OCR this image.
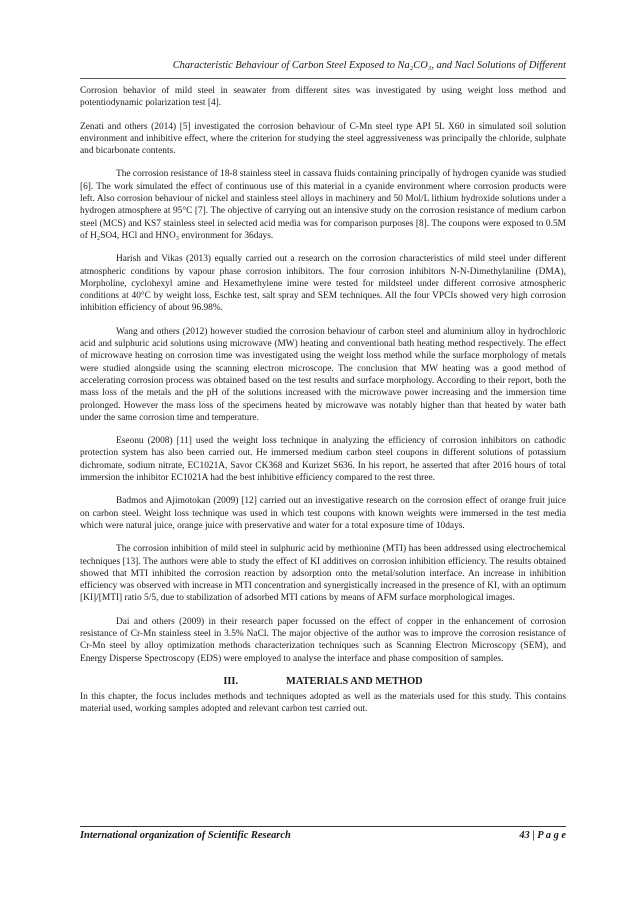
Characteristic Behaviour of Carbon Steel Exposed to Na₂CO₃, and Nacl Solutions of Different

Corrosion behavior of mild steel in seawater from different sites was investigated by using weight loss method and potentiodynamic polarization test [4].

Zenati and others (2014) [5] investigated the corrosion behaviour of C-Mn steel type API 5L X60 in simulated soil solution environment and inhibitive effect, where the criterion for studying the steel aggressiveness was principally the chloride, sulphate and bicarbonate contents.

The corrosion resistance of 18-8 stainless steel in cassava fluids containing principally of hydrogen cyanide was studied [6]. The work simulated the effect of continuous use of this material in a cyanide environment where corrosion products were left. Also corrosion behaviour of nickel and stainless steel alloys in machinery and 50 Mol/L lithium hydroxide solutions under a hydrogen atmosphere at 95°C [7]. The objective of carrying out an intensive study on the corrosion resistance of medium carbon steel (MCS) and KS7 stainless steel in selected acid media was for comparison purposes [8]. The coupons were exposed to 0.5M of H₂SO4, HCl and HNO₃ environment for 36days.

Harish and Vikas (2013) equally carried out a research on the corrosion characteristics of mild steel under different atmospheric conditions by vapour phase corrosion inhibitors. The four corrosion inhibitors N-N-Dimethylaniline (DMA), Morpholine, cyclohexyl amine and Hexamethylene imine were tested for mildsteel under different corrosive atmospheric conditions at 40°C by weight loss, Eschke test, salt spray and SEM techniques. All the four VPCIs showed very high corrosion inhibition efficiency of about 96.98%.

Wang and others (2012) however studied the corrosion behaviour of carbon steel and aluminium alloy in hydrochloric acid and sulphuric acid solutions using microwave (MW) heating and conventional bath heating method respectively. The effect of microwave heating on corrosion time was investigated using the weight loss method while the surface morphology of metals were studied alongside using the scanning electron microscope. The conclusion that MW heating was a good method of accelerating corrosion process was obtained based on the test results and surface morphology. According to their report, both the mass loss of the metals and the pH of the solutions increased with the microwave power increasing and the immersion time prolonged. However the mass loss of the specimens heated by microwave was notably higher than that heated by water bath under the same corrosion time and temperature.

Eseonu (2008) [11] used the weight loss technique in analyzing the efficiency of corrosion inhibitors on cathodic protection system has also been carried out. He immersed medium carbon steel coupons in different solutions of potassium dichromate, sodium nitrate, EC1021A, Savor CK368 and Kurizet S636. In his report, he asserted that after 2016 hours of total immersion the inhibitor EC1021A had the best inhibitive efficiency compared to the rest three.

Badmos and Ajimotokan (2009) [12] carried out an investigative research on the corrosion effect of orange fruit juice on carbon steel. Weight loss technique was used in which test coupons with known weights were immersed in the test media which were natural juice, orange juice with preservative and water for a total exposure time of 10days.

The corrosion inhibition of mild steel in sulphuric acid by methionine (MTI) has been addressed using electrochemical techniques [13]. The authors were able to study the effect of KI additives on corrosion inhibition efficiency. The results obtained showed that MTI inhibited the corrosion reaction by adsorption onto the metal/solution interface. An increase in inhibition efficiency was observed with increase in MTI concentration and synergistically increased in the presence of KI, with an optimum [KI]/[MTI] ratio 5/5, due to stabilization of adsorbed MTI cations by means of AFM surface morphological images.

Dai and others (2009) in their research paper focussed on the effect of copper in the enhancement of corrosion resistance of Cr-Mn stainless steel in 3.5% NaCl. The major objective of the author was to improve the corrosion resistance of Cr-Mn steel by alloy optimization methods characterization techniques such as Scanning Electron Microscopy (SEM), and Energy Disperse Spectroscopy (EDS) were employed to analyse the interface and phase composition of samples.

III.	MATERIALS AND METHOD

In this chapter, the focus includes methods and techniques adopted as well as the materials used for this study. This contains material used, working samples adopted and relevant carbon test carried out.

International organization of Scientific Research	43 | P a g e
